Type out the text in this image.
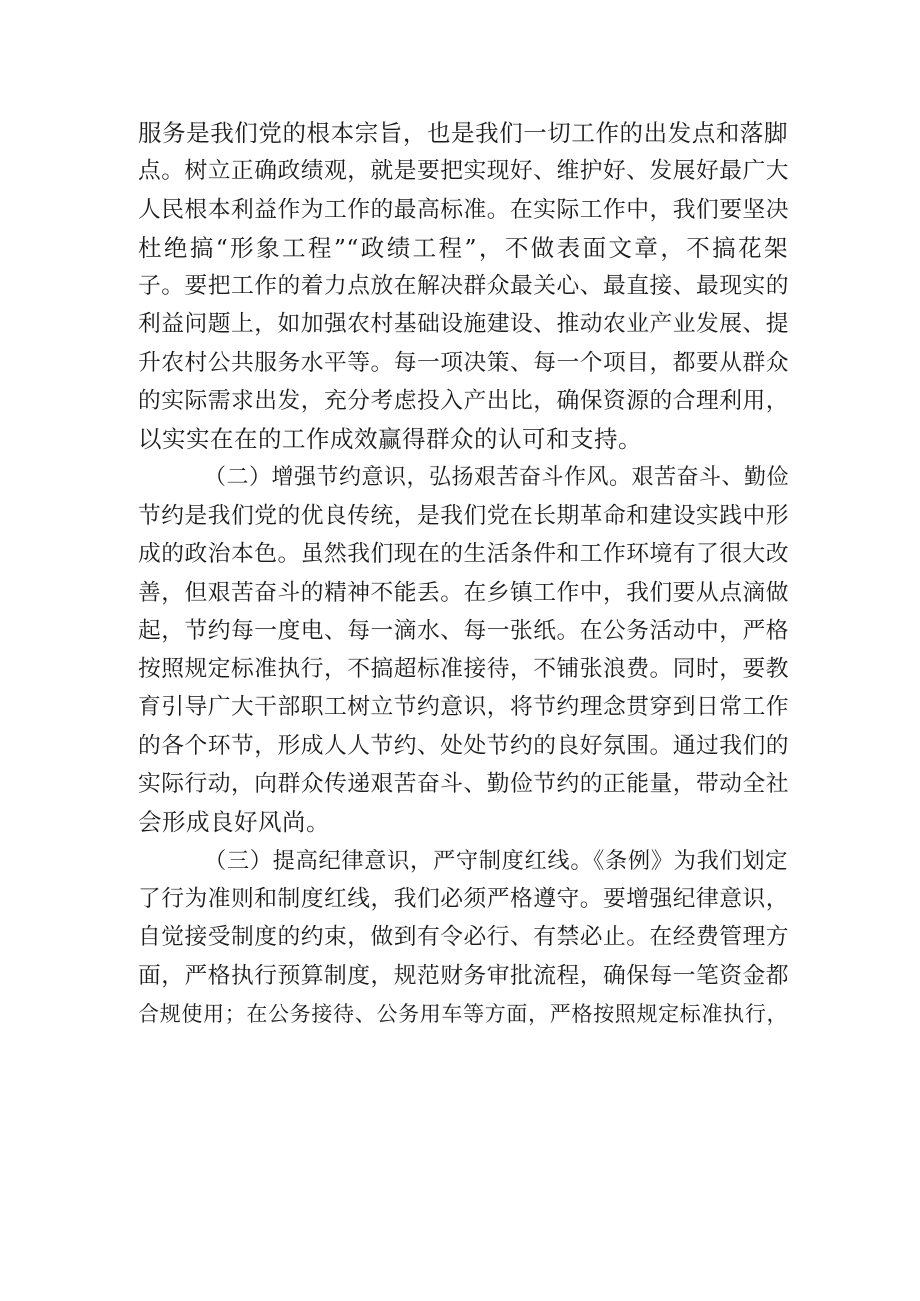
服务是我们党的根本宗旨，也是我们一切工作的出发点和落脚
点。树立正确政绩观，就是要把实现好、维护好、发展好最广大
人民根本利益作为工作的最高标准。在实际工作中，我们要坚决
杜绝搞“形象工程”“政绩工程”，不做表面文章，不搞花架
子。要把工作的着力点放在解决群众最关心、最直接、最现实的
利益问题上，如加强农村基础设施建设、推动农业产业发展、提
升农村公共服务水平等。每一项决策、每一个项目，都要从群众
的实际需求出发，充分考虑投入产出比，确保资源的合理利用，
以实实在在的工作成效赢得群众的认可和支持。
（二）增强节约意识，弘扬艰苦奋斗作风。艰苦奋斗、勤俭
节约是我们党的优良传统，是我们党在长期革命和建设实践中形
成的政治本色。虽然我们现在的生活条件和工作环境有了很大改
善，但艰苦奋斗的精神不能丢。在乡镇工作中，我们要从点滴做
起，节约每一度电、每一滴水、每一张纸。在公务活动中，严格
按照规定标准执行，不搞超标准接待，不铺张浪费。同时，要教
育引导广大干部职工树立节约意识，将节约理念贯穿到日常工作
的各个环节，形成人人节约、处处节约的良好氛围。通过我们的
实际行动，向群众传递艰苦奋斗、勤俭节约的正能量，带动全社
会形成良好风尚。
（三）提高纪律意识，严守制度红线。《条例》为我们划定
了行为准则和制度红线，我们必须严格遵守。要增强纪律意识，
自觉接受制度的约束，做到有令必行、有禁必止。在经费管理方
面，严格执行预算制度，规范财务审批流程，确保每一笔资金都
合规使用；在公务接待、公务用车等方面，严格按照规定标准执行，
